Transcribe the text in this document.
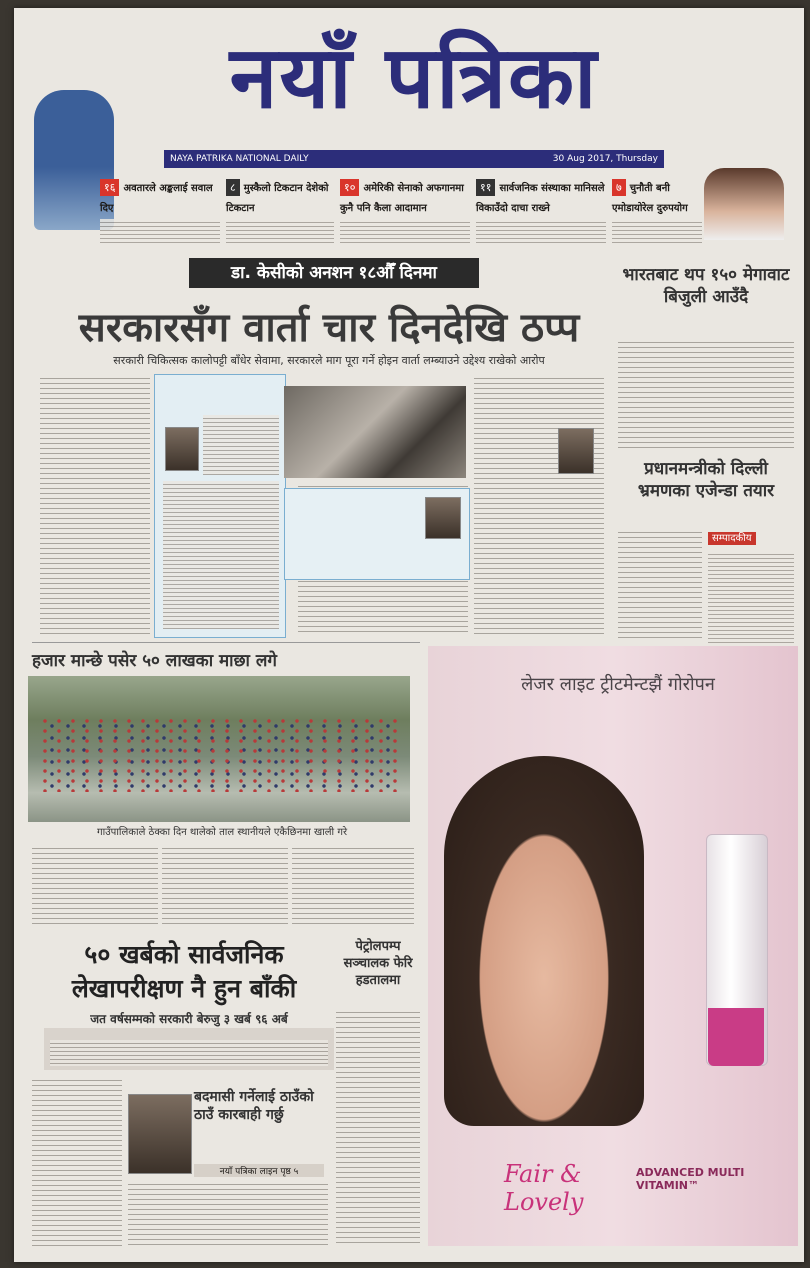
नयाँ पत्रिका
NAYA PATRIKA NATIONAL DAILY	30 Aug 2017, Thursday
१६ अवतारले अङ्कलाई सवाल दिए
८ मुस्कैलो टिकटान देशेको टिकटान
१० अमेरिकी सेनाको अफगानमा कुनै पनि कैला आदामान
११ सार्वजनिक संस्थाका मानिसले विकाउँदो दाचा राख्ने
७ चुनौती बनी एमोडायोरेल दुरुपयोग
डा. केसीको अनशन १८औँ दिनमा
सरकारसँग वार्ता चार दिनदेखि ठप्प
सरकारी चिकित्सक कालोपट्टी बाँधेर सेवामा, सरकारले माग पूरा गर्ने होइन वार्ता लम्ब्याउने उद्देश्य राखेको आरोप
भारतबाट थप १५० मेगावाट बिजुली आउँदै
प्रधानमन्त्रीको दिल्ली भ्रमणका एजेन्डा तयार
सम्पादकीय
हजार मान्छे पसेर ५० लाखका माछा लगे
गाउँपालिकाले ठेक्का दिन थालेको ताल स्थानीयले एकैछिनमा खाली गरे
५० खर्बको सार्वजनिक लेखापरीक्षण नै हुन बाँकी
जत वर्षसम्मको सरकारी बेरुजु ३ खर्ब ९६ अर्ब
बदमासी गर्नेलाई ठाउँको ठाउँ कारबाही गर्छु
नयाँ पत्रिका लाइन पृष्ठ ५
पेट्रोलपम्प सञ्चालक फेरि हडतालमा
लेजर लाइट ट्रीटमेन्टझैं गोरोपन
Fair & Lovely
ADVANCED MULTI VITAMIN™
